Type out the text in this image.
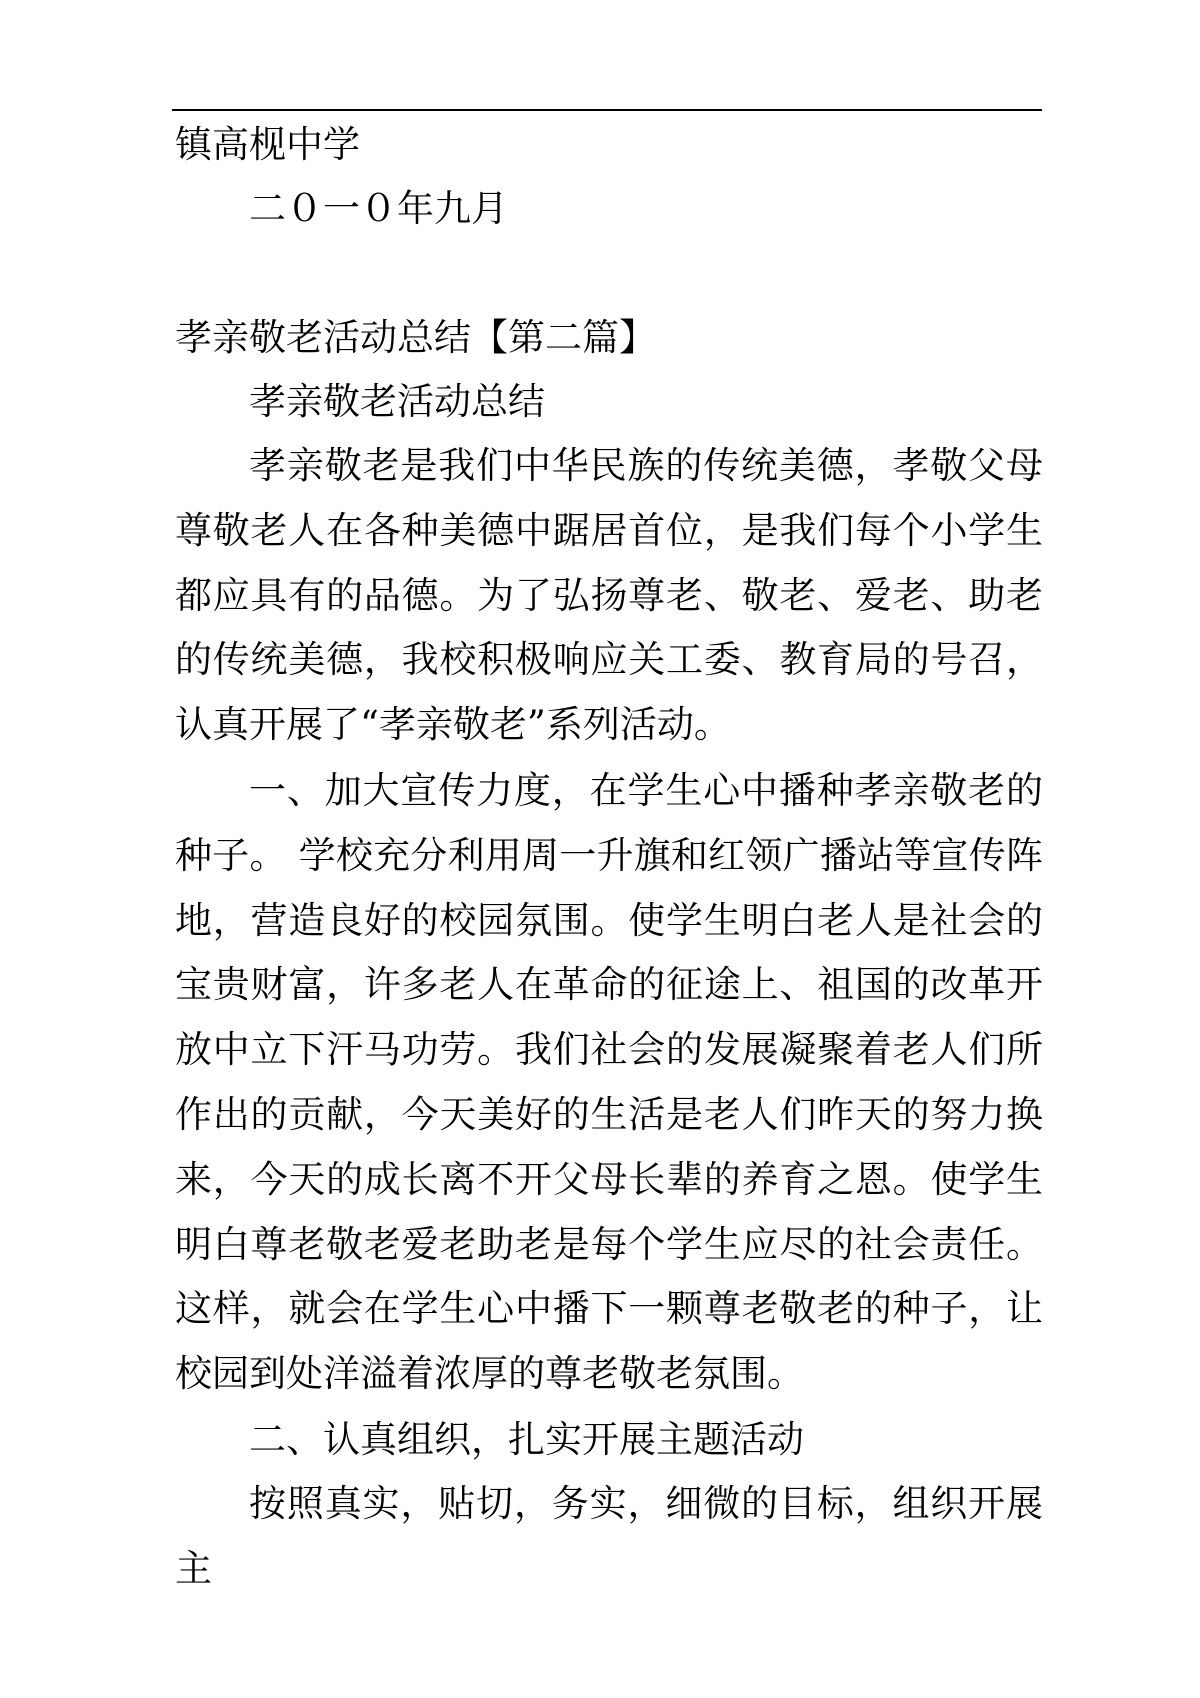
镇高枧中学

二０一０年九月

孝亲敬老活动总结【第二篇】

孝亲敬老活动总结

孝亲敬老是我们中华民族的传统美德，孝敬父母尊敬老人在各种美德中踞居首位，是我们每个小学生都应具有的品德。为了弘扬尊老、敬老、爱老、助老的传统美德，我校积极响应关工委、教育局的号召，认真开展了“孝亲敬老”系列活动。

一、加大宣传力度，在学生心中播种孝亲敬老的种子。 学校充分利用周一升旗和红领广播站等宣传阵地，营造良好的校园氛围。使学生明白老人是社会的宝贵财富，许多老人在革命的征途上、祖国的改革开放中立下汗马功劳。我们社会的发展凝聚着老人们所作出的贡献，今天美好的生活是老人们昨天的努力换来，今天的成长离不开父母长辈的养育之恩。使学生明白尊老敬老爱老助老是每个学生应尽的社会责任。这样，就会在学生心中播下一颗尊老敬老的种子，让校园到处洋溢着浓厚的尊老敬老氛围。

二、认真组织，扎实开展主题活动

按照真实，贴切，务实，细微的目标，组织开展主
